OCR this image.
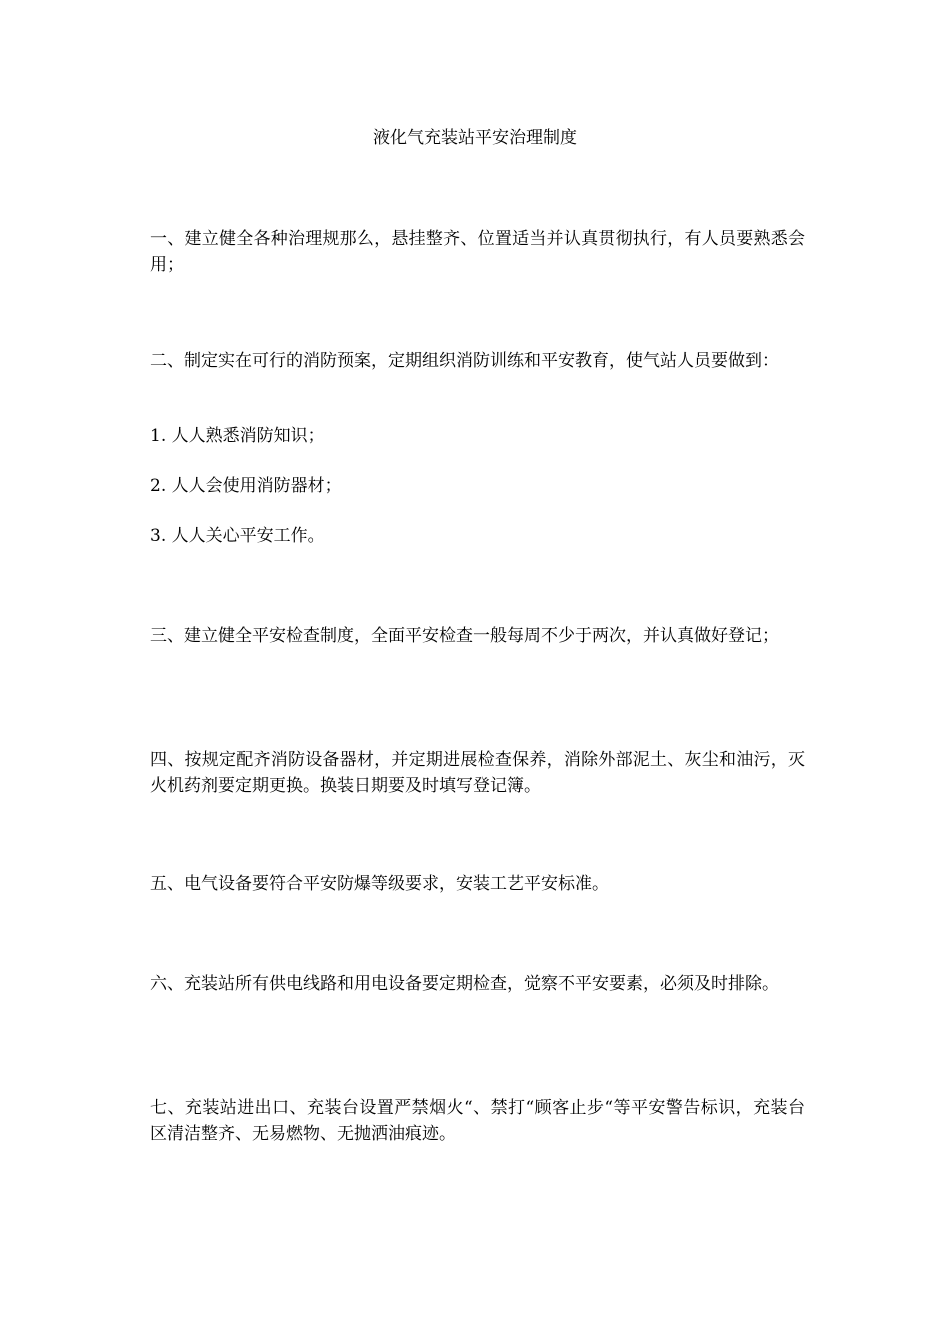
液化气充装站平安治理制度

一、建立健全各种治理规那么，悬挂整齐、位置适当并认真贯彻执行，有人员要熟悉会用；

二、制定实在可行的消防预案，定期组织消防训练和平安教育，使气站人员要做到：

1. 人人熟悉消防知识；

2. 人人会使用消防器材；

3. 人人关心平安工作。

三、建立健全平安检查制度，全面平安检查一般每周不少于两次，并认真做好登记；

四、按规定配齐消防设备器材，并定期进展检查保养，消除外部泥土、灰尘和油污，灭火机药剂要定期更换。换装日期要及时填写登记簿。

五、电气设备要符合平安防爆等级要求，安装工艺平安标准。

六、充装站所有供电线路和用电设备要定期检查，觉察不平安要素，必须及时排除。

七、充装站进出口、充装台设置严禁烟火“、禁打“顾客止步“等平安警告标识，充装台区清洁整齐、无易燃物、无抛洒油痕迹。
